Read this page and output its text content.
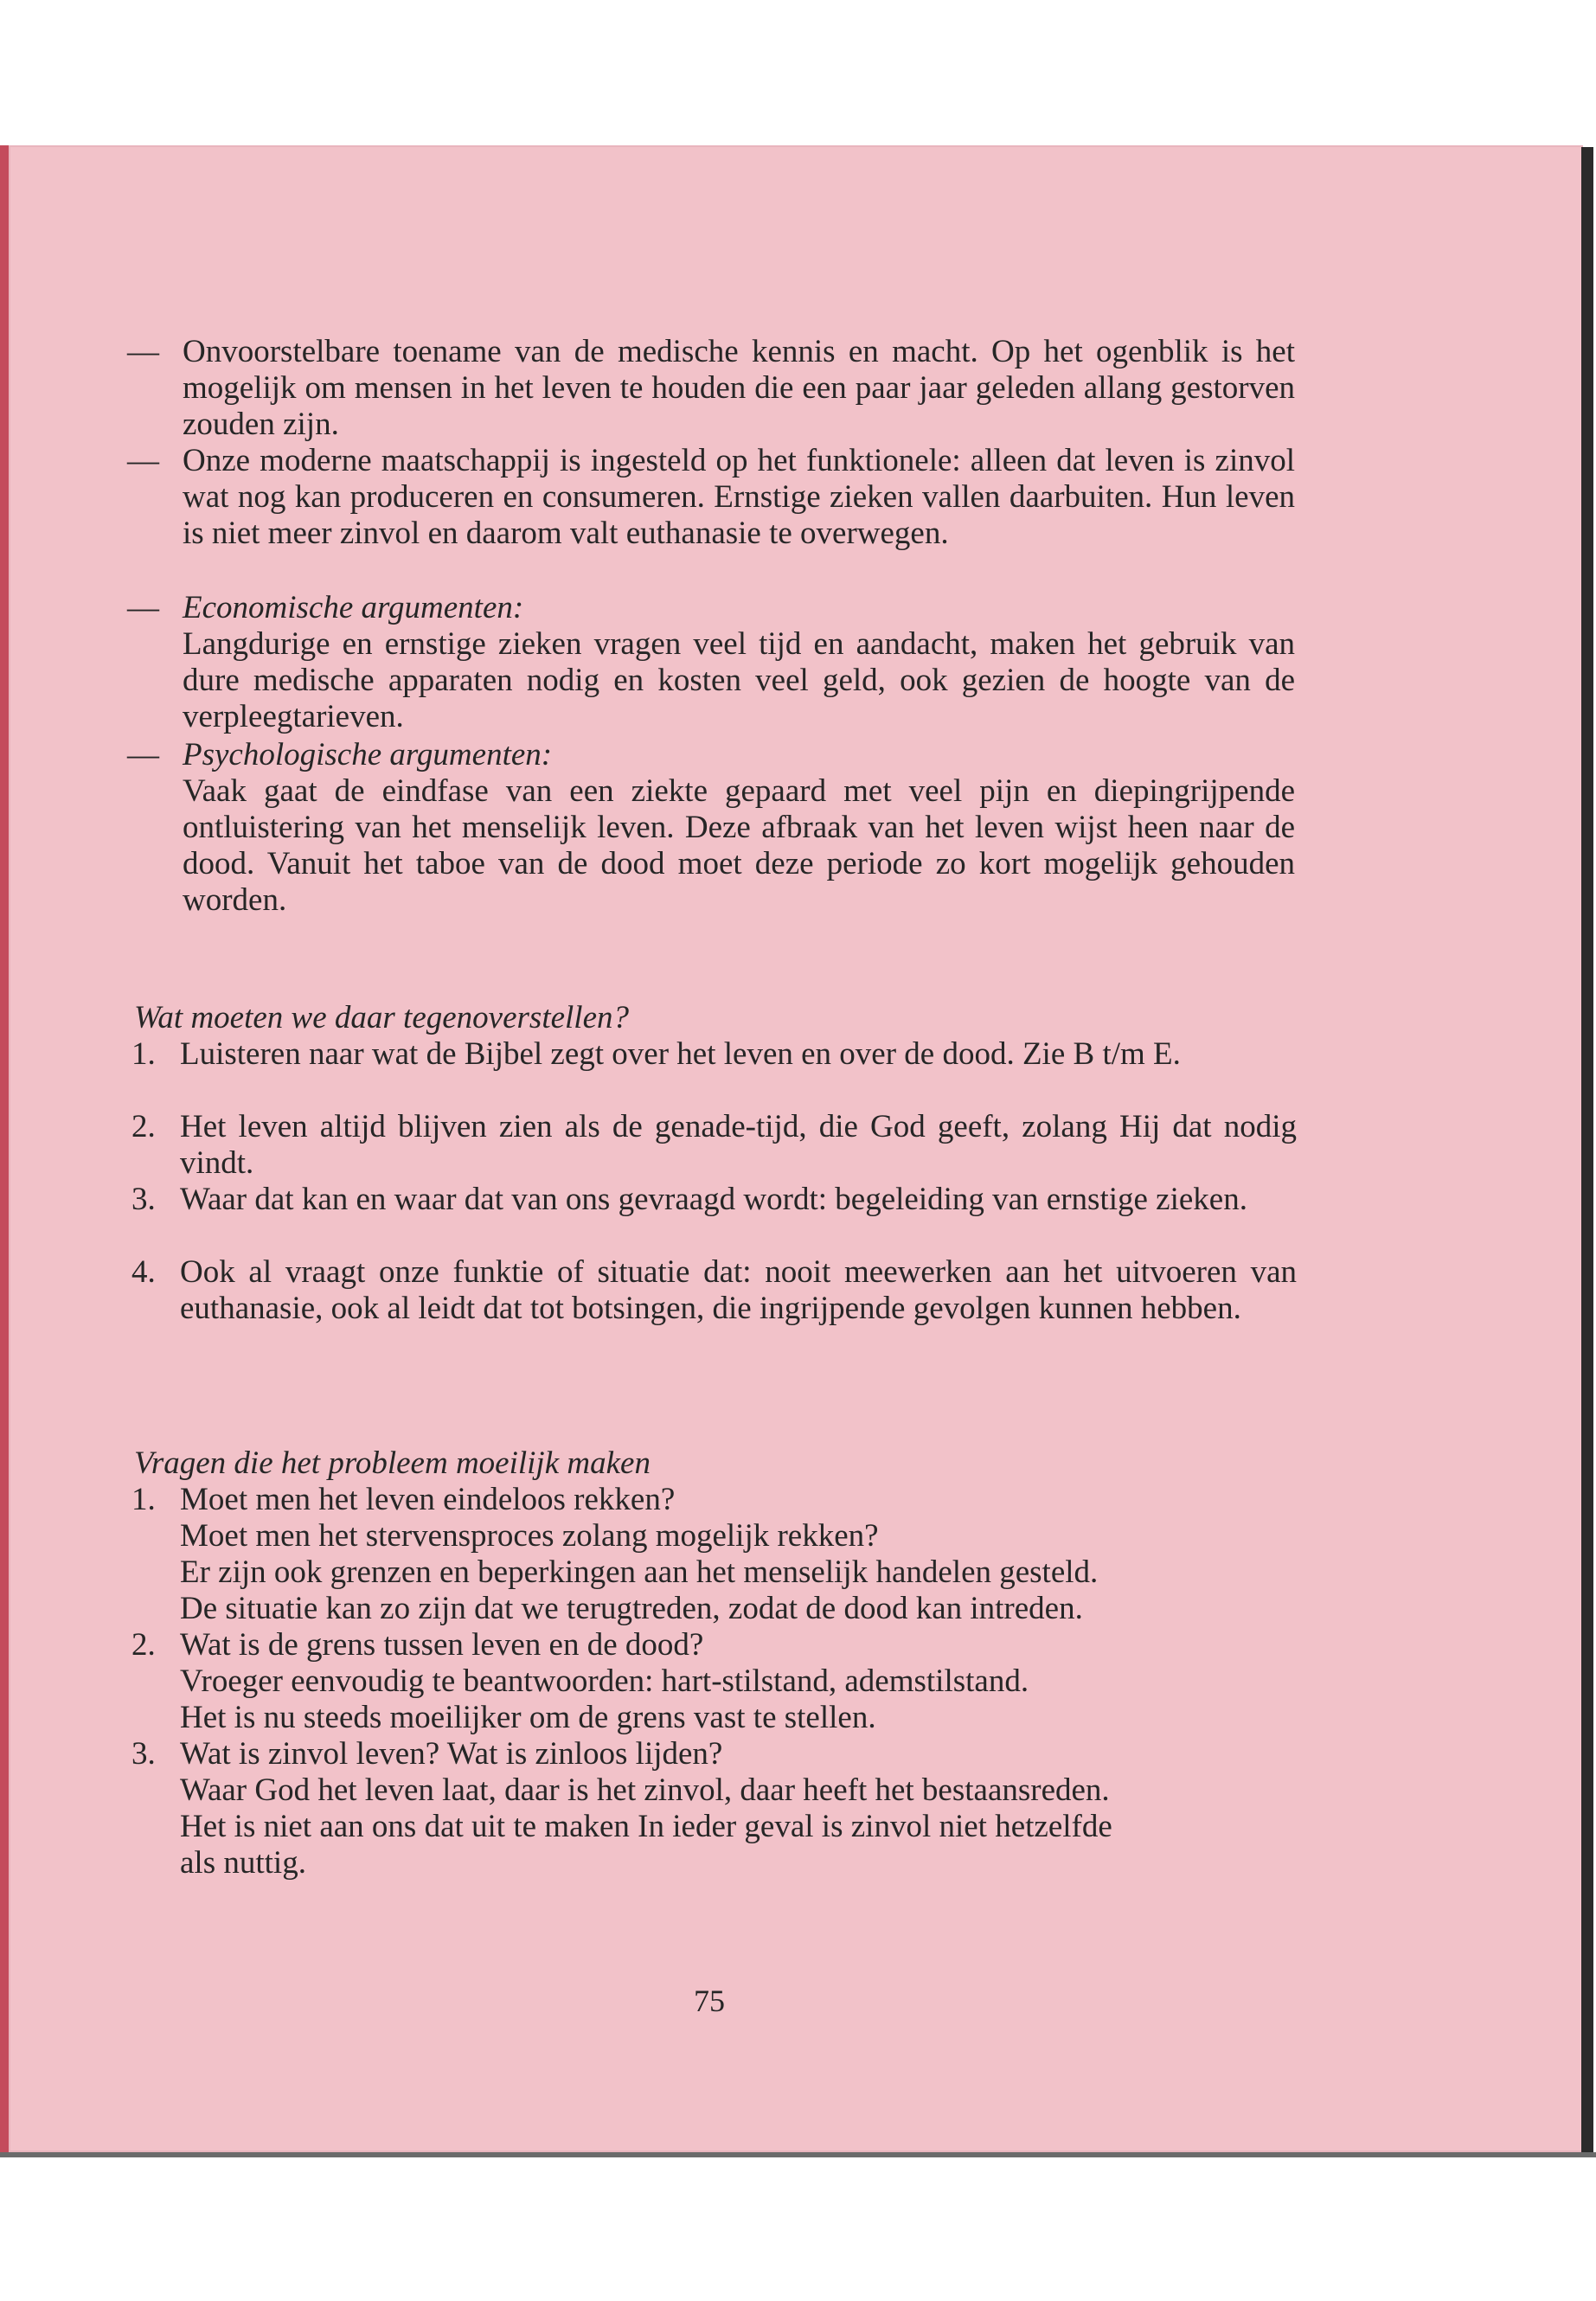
— Onvoorstelbare toename van de medische kennis en macht. Op het ogenblik is het mogelijk om mensen in het leven te houden die een paar jaar geleden allang gestorven zouden zijn.
— Onze moderne maatschappij is ingesteld op het funktionele: alleen dat leven is zinvol wat nog kan produceren en consumeren. Ernstige zieken vallen daarbuiten. Hun leven is niet meer zinvol en daarom valt euthanasie te overwegen.
— Economische argumenten:
Langdurige en ernstige zieken vragen veel tijd en aandacht, maken het gebruik van dure medische apparaten nodig en kosten veel geld, ook gezien de hoogte van de verpleegtarieven.
— Psychologische argumenten:
Vaak gaat de eindfase van een ziekte gepaard met veel pijn en diepingrijpende ontluistering van het menselijk leven. Deze afbraak van het leven wijst heen naar de dood. Vanuit het taboe van de dood moet deze periode zo kort mogelijk gehouden worden.
Wat moeten we daar tegenoverstellen?
1. Luisteren naar wat de Bijbel zegt over het leven en over de dood. Zie B t/m E.
2. Het leven altijd blijven zien als de genade-tijd, die God geeft, zolang Hij dat nodig vindt.
3. Waar dat kan en waar dat van ons gevraagd wordt: begeleiding van ernstige zieken.
4. Ook al vraagt onze funktie of situatie dat: nooit meewerken aan het uitvoeren van euthanasie, ook al leidt dat tot botsingen, die ingrijpende gevolgen kunnen hebben.
Vragen die het probleem moeilijk maken
1. Moet men het leven eindeloos rekken?
Moet men het stervensproces zolang mogelijk rekken?
Er zijn ook grenzen en beperkingen aan het menselijk handelen gesteld.
De situatie kan zo zijn dat we terugtreden, zodat de dood kan intreden.
2. Wat is de grens tussen leven en de dood?
Vroeger eenvoudig te beantwoorden: hart-stilstand, ademstilstand.
Het is nu steeds moeilijker om de grens vast te stellen.
3. Wat is zinvol leven? Wat is zinloos lijden?
Waar God het leven laat, daar is het zinvol, daar heeft het bestaansreden.
Het is niet aan ons dat uit te maken In ieder geval is zinvol niet hetzelfde
als nuttig.
75
